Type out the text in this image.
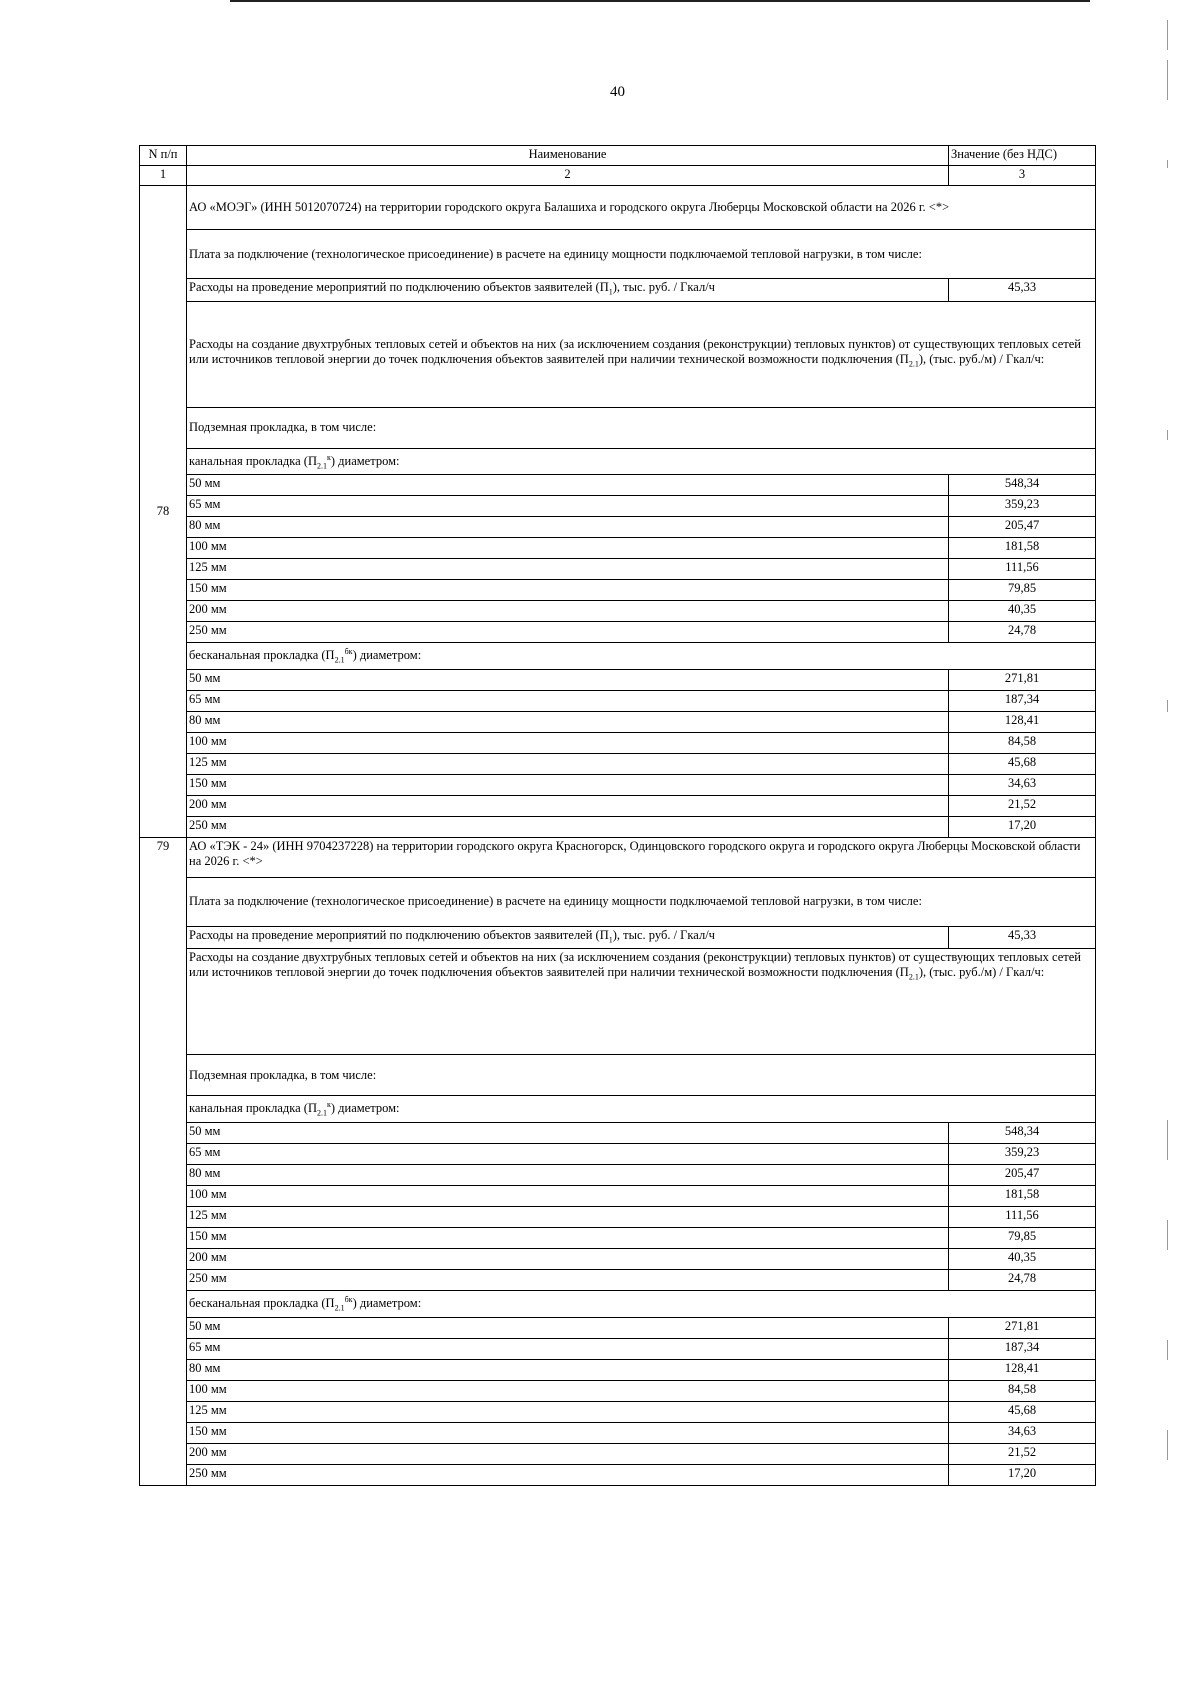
40
N п/п	Наименование	Значение (без НДС)
1	2	3
78	АО «МОЭГ» (ИНН 5012070724) на территории городского округа Балашиха и городского округа Люберцы Московской области на 2026 г. <*>	
	Плата за подключение (технологическое присоединение) в расчете на единицу мощности подключаемой тепловой нагрузки, в том числе:	
	Расходы на проведение мероприятий по подключению объектов заявителей $(П_1)$, тыс. руб. / Гкал/ч	45,33
	Расходы на создание двухтрубных тепловых сетей и объектов на них (за исключением создания (реконструкции) тепловых пунктов) от существующих тепловых сетей или источников тепловой энергии до точек подключения объектов заявителей при наличии технической возможности подключения $(П_{2.1})$, (тыс. руб./м) / Гкал/ч:	
	Подземная прокладка, в том числе:	
	канальная прокладка $(П_{2.1}^к)$ диаметром:	
	50 мм	548,34
	65 мм	359,23
	80 мм	205,47
	100 мм	181,58
	125 мм	111,56
	150 мм	79,85
	200 мм	40,35
	250 мм	24,78
	бесканальная прокладка $(П_{2.1}^{бк})$ диаметром:	
	50 мм	271,81
	65 мм	187,34
	80 мм	128,41
	100 мм	84,58
	125 мм	45,68
	150 мм	34,63
	200 мм	21,52
	250 мм	17,20
79	АО «ТЭК - 24» (ИНН 9704237228) на территории городского округа Красногорск, Одинцовского городского округа и городского округа Люберцы Московской области на 2026 г. <*>	
	Плата за подключение (технологическое присоединение) в расчете на единицу мощности подключаемой тепловой нагрузки, в том числе:	
	Расходы на проведение мероприятий по подключению объектов заявителей $(П_1)$, тыс. руб. / Гкал/ч	45,33
	Расходы на создание двухтрубных тепловых сетей и объектов на них (за исключением создания (реконструкции) тепловых пунктов) от существующих тепловых сетей или источников тепловой энергии до точек подключения объектов заявителей при наличии технической возможности подключения $(П_{2.1})$, (тыс. руб./м) / Гкал/ч:	
	Подземная прокладка, в том числе:	
	канальная прокладка $(П_{2.1}^к)$ диаметром:	
	50 мм	548,34
	65 мм	359,23
	80 мм	205,47
	100 мм	181,58
	125 мм	111,56
	150 мм	79,85
	200 мм	40,35
	250 мм	24,78
	бесканальная прокладка $(П_{2.1}^{бк})$ диаметром:	
	50 мм	271,81
	65 мм	187,34
	80 мм	128,41
	100 мм	84,58
	125 мм	45,68
	150 мм	34,63
	200 мм	21,52
	250 мм	17,20
